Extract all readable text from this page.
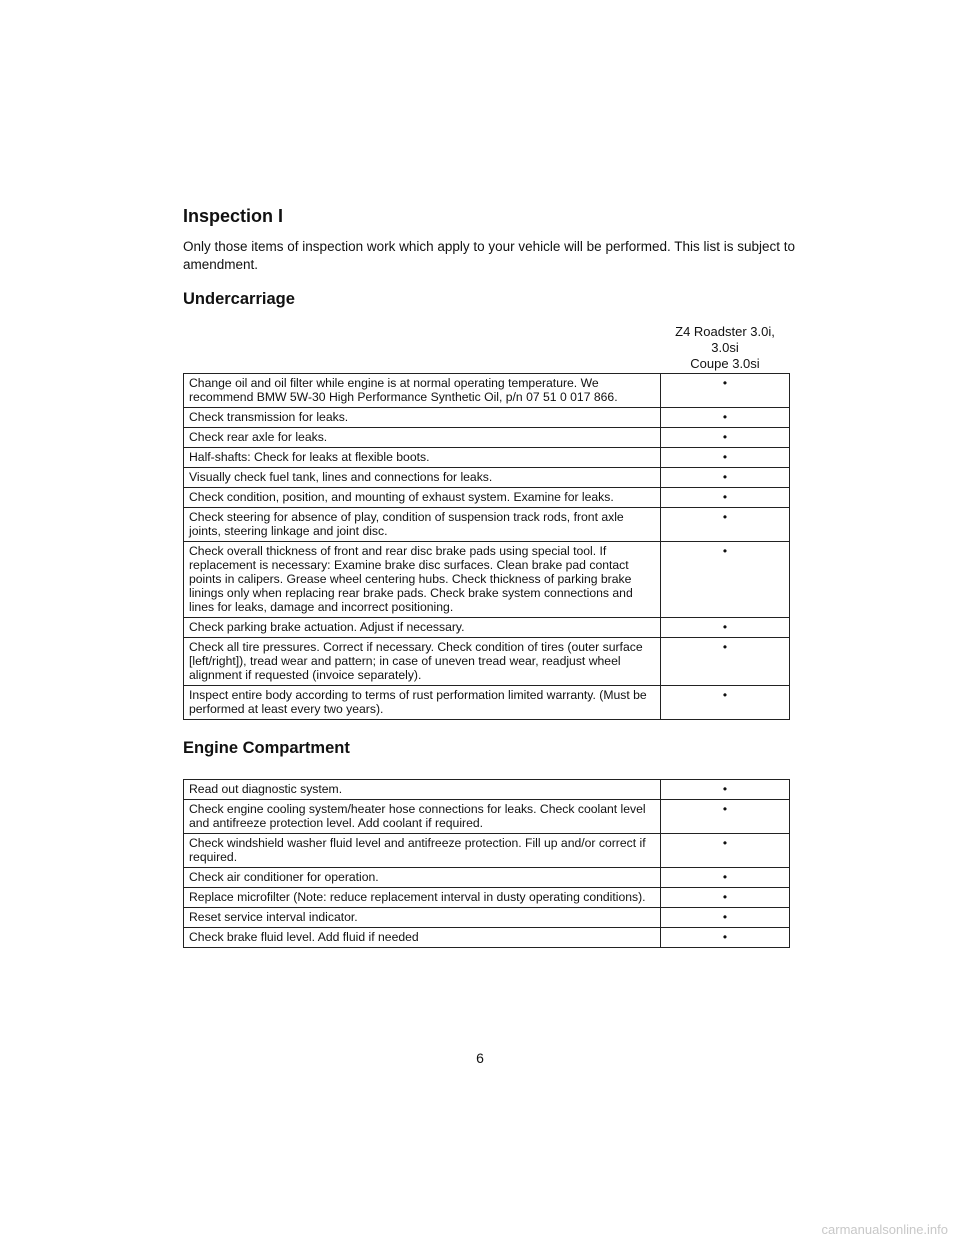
Inspection I

Only those items of inspection work which apply to your vehicle will be performed. This list is subject to amendment.

Undercarriage
Z4 Roadster 3.0i,
3.0si
Coupe 3.0si
Change oil and oil filter while engine is at normal operating temperature. We recommend BMW 5W-30 High Performance Synthetic Oil, p/n 07 51 0 017 866.	•
Check transmission for leaks.	•
Check rear axle for leaks.	•
Half-shafts: Check for leaks at flexible boots.	•
Visually check fuel tank, lines and connections for leaks.	•
Check condition, position, and mounting of exhaust system. Examine for leaks.	•
Check steering for absence of play, condition of suspension track rods, front axle joints, steering linkage and joint disc.	•
Check overall thickness of front and rear disc brake pads using special tool. If replacement is necessary: Examine brake disc surfaces. Clean brake pad contact points in calipers. Grease wheel centering hubs. Check thickness of parking brake linings only when replacing rear brake pads. Check brake system connections and lines for leaks, damage and incorrect positioning.	•
Check parking brake actuation. Adjust if necessary.	•
Check all tire pressures. Correct if necessary. Check condition of tires (outer surface [left/right]), tread wear and pattern; in case of uneven tread wear, readjust wheel alignment if requested (invoice separately).	•
Inspect entire body according to terms of rust performation limited warranty. (Must be performed at least every two years).	•
Engine Compartment
Read out diagnostic system.	•
Check engine cooling system/heater hose connections for leaks. Check coolant level and antifreeze protection level. Add coolant if required.	•
Check windshield washer fluid level and antifreeze protection. Fill up and/or correct if required.	•
Check air conditioner for operation.	•
Replace microfilter (Note: reduce replacement interval in dusty operating conditions).	•
Reset service interval indicator.	•
Check brake fluid level. Add fluid if needed	•
6
carmanualsonline.info
